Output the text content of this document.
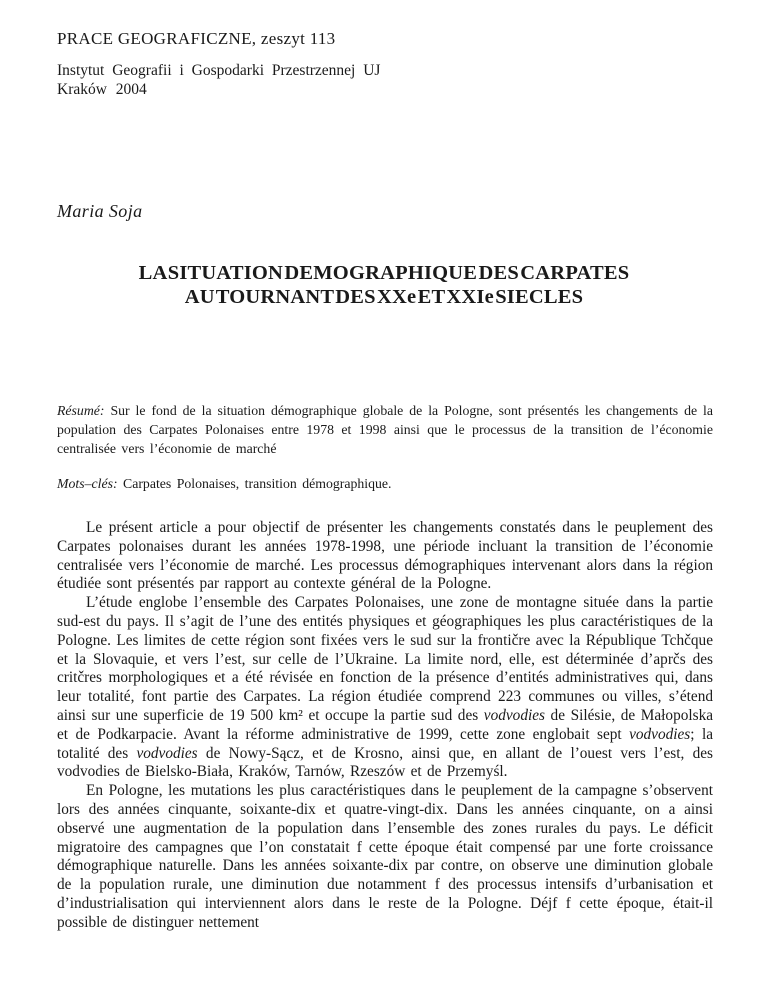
PRACE GEOGRAFICZNE, zeszyt 113
Instytut Geografii i Gospodarki Przestrzennej UJ
Kraków 2004
Maria Soja
LA SITUATION DEMOGRAPHIQUE DES CARPATES
AU TOURNANT DES XXe ET XXIe SIECLES
Résumé: Sur le fond de la situation démographique globale de la Pologne, sont présentés les changements de la population des Carpates Polonaises entre 1978 et 1998 ainsi que le processus de la transition de l’économie centralisée vers l’économie de marché
Mots–clés: Carpates Polonaises, transition démographique.

Le présent article a pour objectif de présenter les changements constatés dans le peuplement des Carpates polonaises durant les années 1978-1998, une période incluant la transition de l’économie centralisée vers l’économie de marché. Les processus démographiques intervenant alors dans la région étudiée sont présentés par rapport au contexte général de la Pologne.

L’étude englobe l’ensemble des Carpates Polonaises, une zone de montagne située dans la partie sud-est du pays. Il s’agit de l’une des entités physiques et géographiques les plus caractéristiques de la Pologne. Les limites de cette région sont fixées vers le sud sur la frontičre avec la République Tchčque et la Slovaquie, et vers l’est, sur celle de l’Ukraine. La limite nord, elle, est déterminée d’aprčs des critčres morphologiques et a été révisée en fonction de la présence d’entités administratives qui, dans leur totalité, font partie des Carpates. La région étudiée comprend 223 communes ou villes, s’étend ainsi sur une superficie de 19 500 km² et occupe la partie sud des vodvodies de Silésie, de Małopolska et de Podkarpacie. Avant la réforme administrative de 1999, cette zone englobait sept vodvodies; la totalité des vodvodies de Nowy-Sącz, et de Krosno, ainsi que, en allant de l’ouest vers l’est, des vodvodies de Bielsko-Biała, Kraków, Tarnów, Rzeszów et de Przemyśl.

En Pologne, les mutations les plus caractéristiques dans le peuplement de la campagne s’observent lors des années cinquante, soixante-dix et quatre-vingt-dix. Dans les années cinquante, on a ainsi observé une augmentation de la population dans l’ensemble des zones rurales du pays. Le déficit migratoire des campagnes que l’on constatait f cette époque était compensé par une forte croissance démographique naturelle. Dans les années soixante-dix par contre, on observe une diminution globale de la population rurale, une diminution due notamment f des processus intensifs d’urbanisation et d’industrialisation qui interviennent alors dans le reste de la Pologne. Déjf f cette époque, était-il possible de distinguer nettement
